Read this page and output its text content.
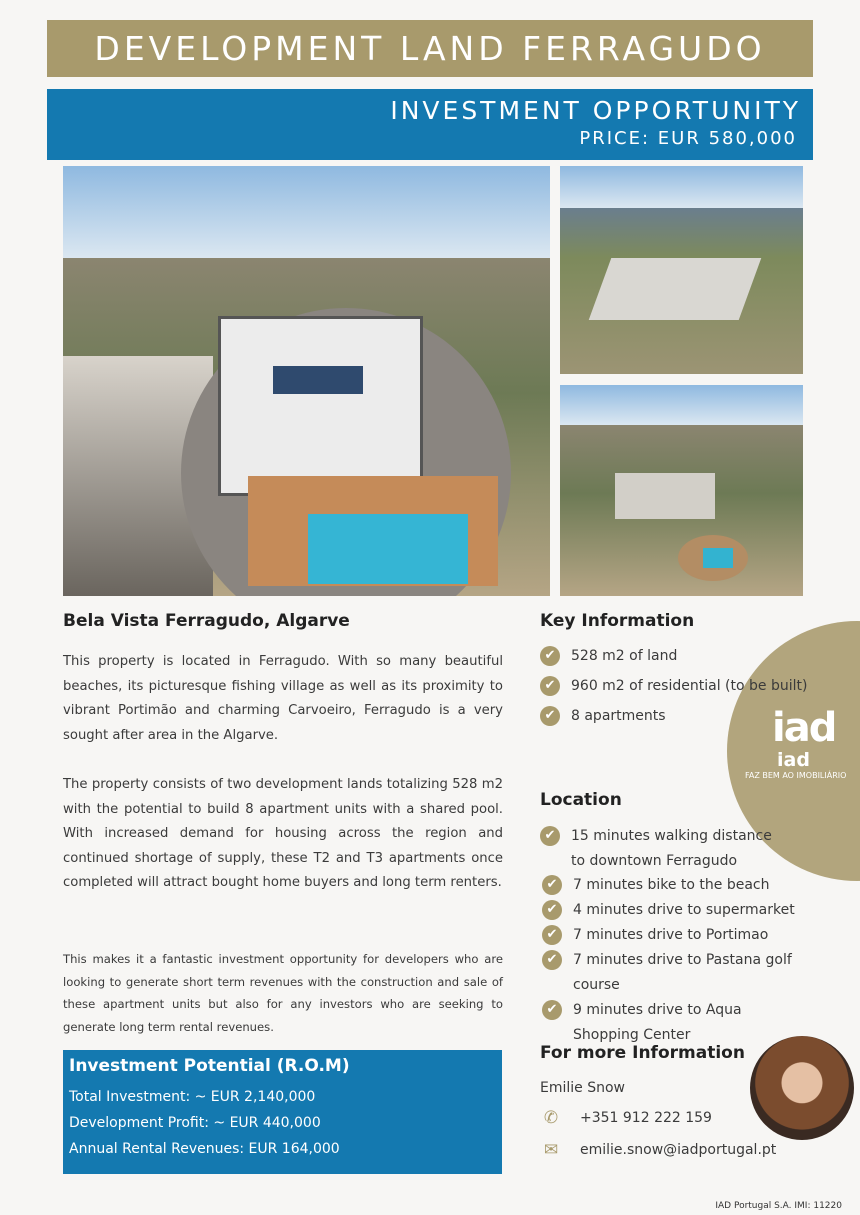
DEVELOPMENT LAND FERRAGUDO
INVESTMENT OPPORTUNITY
PRICE: EUR 580,000
Bela Vista Ferragudo, Algarve

This property is located in Ferragudo. With so many beautiful beaches, its picturesque fishing village as well as its proximity to vibrant Portimão and charming Carvoeiro, Ferragudo is a very sought after area in the Algarve.

The property consists of two development lands totalizing 528 m2 with the potential to build 8 apartment units with a shared pool. With increased demand for housing across the region and continued shortage of supply, these T2 and T3 apartments once completed will attract bought home buyers and long term renters.

This makes it a fantastic investment opportunity for developers who are looking to generate short term revenues with the construction and sale of these apartment units but also for any investors who are seeking to generate long term rental revenues.

Investment Potential (R.O.M)
Total Investment: ~ EUR 2,140,000
Development Profit: ~ EUR 440,000
Annual Rental Revenues: EUR 164,000
iad
iad
FAZ BEM AO IMOBILIÁRIO
Key Information
✔	528 m2 of land
✔	960 m2 of residential (to be built)
✔	8 apartments
Location
✔	15 minutes walking distance to downtown Ferragudo
✔	7 minutes bike to the beach
✔	4 minutes drive to supermarket
✔	7 minutes drive to Portimao
✔	7 minutes drive to Pastana golf course
✔	9 minutes drive to Aqua Shopping Center
For more Information
Emilie Snow
✆ +351 912 222 159
✉ emilie.snow@iadportugal.pt
IAD Portugal S.A. IMI: 11220
